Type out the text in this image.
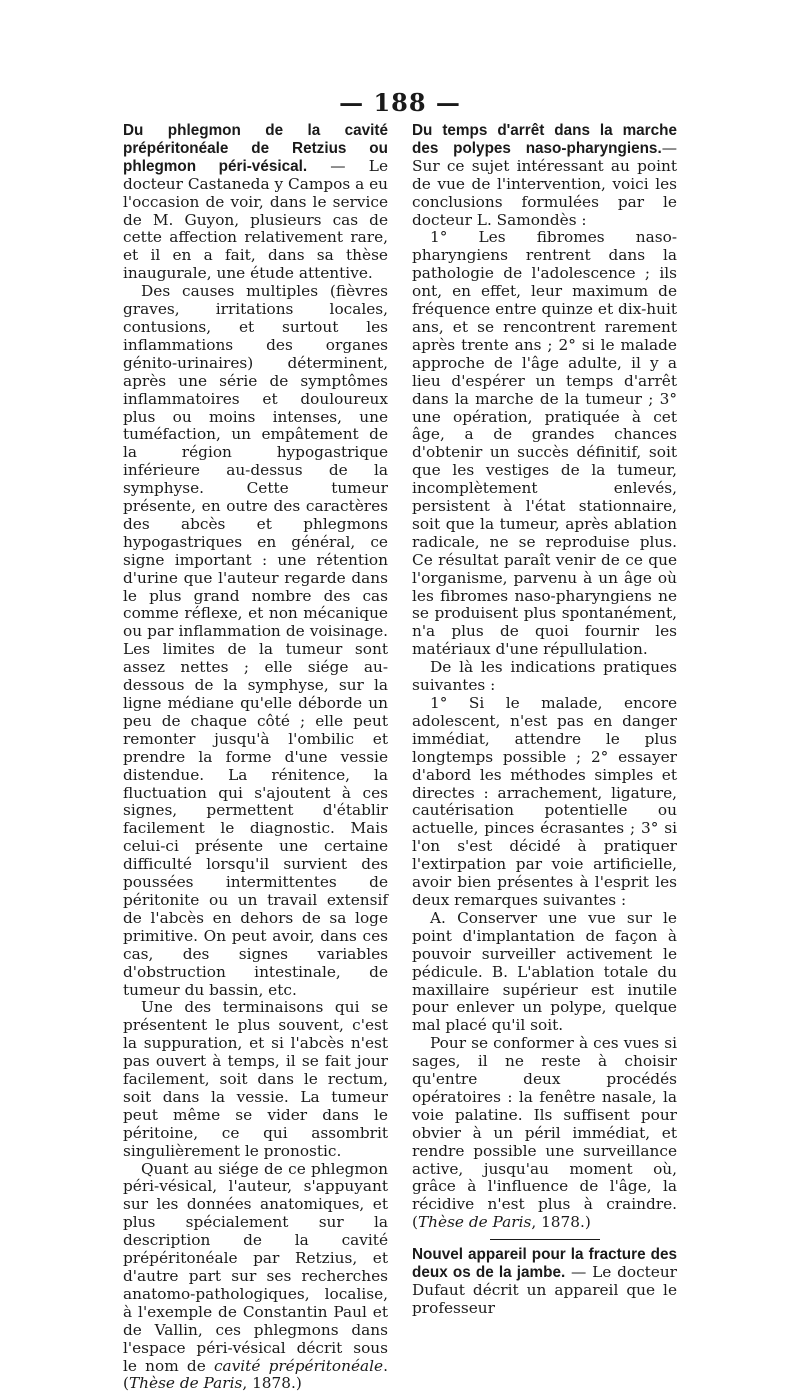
— 188 —

Du phlegmon de la cavité prépéritonéale de Retzius ou phlegmon péri-vésical. — Le docteur Castaneda y Campos a eu l'occasion de voir, dans le service de M. Guyon, plusieurs cas de cette affection relativement rare, et il en a fait, dans sa thèse inaugurale, une étude attentive.

Des causes multiples (fièvres graves, irritations locales, contusions, et surtout les inflammations des organes génito-urinaires) déterminent, après une série de symptômes inflammatoires et douloureux plus ou moins intenses, une tuméfaction, un empâtement de la région hypogastrique inférieure au-dessus de la symphyse. Cette tumeur présente, en outre des caractères des abcès et phlegmons hypogastriques en général, ce signe important : une rétention d'urine que l'auteur regarde dans le plus grand nombre des cas comme réflexe, et non mécanique ou par inflammation de voisinage. Les limites de la tumeur sont assez nettes ; elle siége au-dessous de la symphyse, sur la ligne médiane qu'elle déborde un peu de chaque côté ; elle peut remonter jusqu'à l'ombilic et prendre la forme d'une vessie distendue. La rénitence, la fluctuation qui s'ajoutent à ces signes, permettent d'établir facilement le diagnostic. Mais celui-ci présente une certaine difficulté lorsqu'il survient des poussées intermittentes de péritonite ou un travail extensif de l'abcès en dehors de sa loge primitive. On peut avoir, dans ces cas, des signes variables d'obstruction intestinale, de tumeur du bassin, etc.

Une des terminaisons qui se présentent le plus souvent, c'est la suppuration, et si l'abcès n'est pas ouvert à temps, il se fait jour facilement, soit dans le rectum, soit dans la vessie. La tumeur peut même se vider dans le péritoine, ce qui assombrit singulièrement le pronostic.

Quant au siége de ce phlegmon péri-vésical, l'auteur, s'appuyant sur les données anatomiques, et plus spécialement sur la description de la cavité prépéritonéale par Retzius, et d'autre part sur ses recherches anatomo-pathologiques, localise, à l'exemple de Constantin Paul et de Vallin, ces phlegmons dans l'espace péri-vésical décrit sous le nom de cavité prépéritonéale. (Thèse de Paris, 1878.)

Du temps d'arrêt dans la marche des polypes naso-pharyngiens.— Sur ce sujet intéressant au point de vue de l'intervention, voici les conclusions formulées par le docteur L. Samondès :

1° Les fibromes naso-pharyngiens rentrent dans la pathologie de l'adolescence ; ils ont, en effet, leur maximum de fréquence entre quinze et dix-huit ans, et se rencontrent rarement après trente ans ; 2° si le malade approche de l'âge adulte, il y a lieu d'espérer un temps d'arrêt dans la marche de la tumeur ; 3° une opération, pratiquée à cet âge, a de grandes chances d'obtenir un succès définitif, soit que les vestiges de la tumeur, incomplètement enlevés, persistent à l'état stationnaire, soit que la tumeur, après ablation radicale, ne se reproduise plus. Ce résultat paraît venir de ce que l'organisme, parvenu à un âge où les fibromes naso-pharyngiens ne se produisent plus spontanément, n'a plus de quoi fournir les matériaux d'une répullulation.

De là les indications pratiques suivantes :

1° Si le malade, encore adolescent, n'est pas en danger immédiat, attendre le plus longtemps possible ; 2° essayer d'abord les méthodes simples et directes : arrachement, ligature, cautérisation potentielle ou actuelle, pinces écrasantes ; 3° si l'on s'est décidé à pratiquer l'extirpation par voie artificielle, avoir bien présentes à l'esprit les deux remarques suivantes :

A. Conserver une vue sur le point d'implantation de façon à pouvoir surveiller activement le pédicule. B. L'ablation totale du maxillaire supérieur est inutile pour enlever un polype, quelque mal placé qu'il soit.

Pour se conformer à ces vues si sages, il ne reste à choisir qu'entre deux procédés opératoires : la fenêtre nasale, la voie palatine. Ils suffisent pour obvier à un péril immédiat, et rendre possible une surveillance active, jusqu'au moment où, grâce à l'influence de l'âge, la récidive n'est plus à craindre. (Thèse de Paris, 1878.)

Nouvel appareil pour la fracture des deux os de la jambe. — Le docteur Dufaut décrit un appareil que le professeur
